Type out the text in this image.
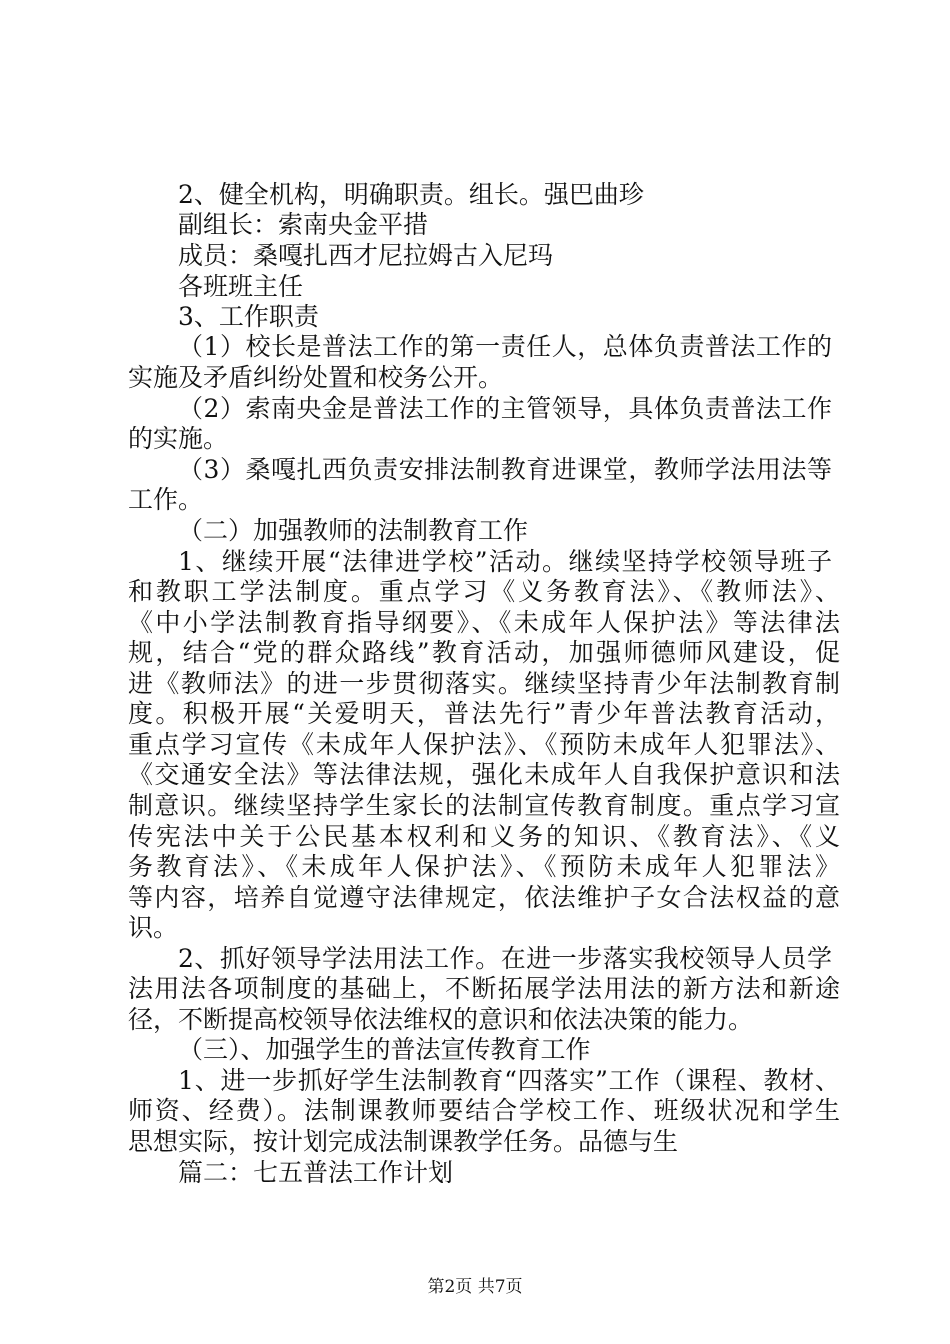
2、健全机构，明确职责。组长。强巴曲珍
副组长：索南央金平措
成员：桑嘎扎西才尼拉姆古入尼玛
各班班主任
3、工作职责
（1）校长是普法工作的第一责任人，总体负责普法工作的
实施及矛盾纠纷处置和校务公开。
（2）索南央金是普法工作的主管领导，具体负责普法工作
的实施。
（3）桑嘎扎西负责安排法制教育进课堂，教师学法用法等
工作。
（二）加强教师的法制教育工作
1、继续开展“法律进学校”活动。继续坚持学校领导班子
和教职工学法制度。重点学习《义务教育法》、《教师法》、
《中小学法制教育指导纲要》、《未成年人保护法》等法律法
规，结合“党的群众路线”教育活动，加强师德师风建设，促
进《教师法》的进一步贯彻落实。继续坚持青少年法制教育制
度。积极开展“关爱明天，普法先行”青少年普法教育活动，
重点学习宣传《未成年人保护法》、《预防未成年人犯罪法》、
《交通安全法》等法律法规，强化未成年人自我保护意识和法
制意识。继续坚持学生家长的法制宣传教育制度。重点学习宣
传宪法中关于公民基本权利和义务的知识、《教育法》、《义
务教育法》、《未成年人保护法》、《预防未成年人犯罪法》
等内容，培养自觉遵守法律规定，依法维护子女合法权益的意
识。
2、抓好领导学法用法工作。在进一步落实我校领导人员学
法用法各项制度的基础上，不断拓展学法用法的新方法和新途
径，不断提高校领导依法维权的意识和依法决策的能力。
（三）、加强学生的普法宣传教育工作
1、进一步抓好学生法制教育“四落实”工作（课程、教材、
师资、经费）。法制课教师要结合学校工作、班级状况和学生
思想实际，按计划完成法制课教学任务。品德与生
篇二：七五普法工作计划
第2页 共7页
